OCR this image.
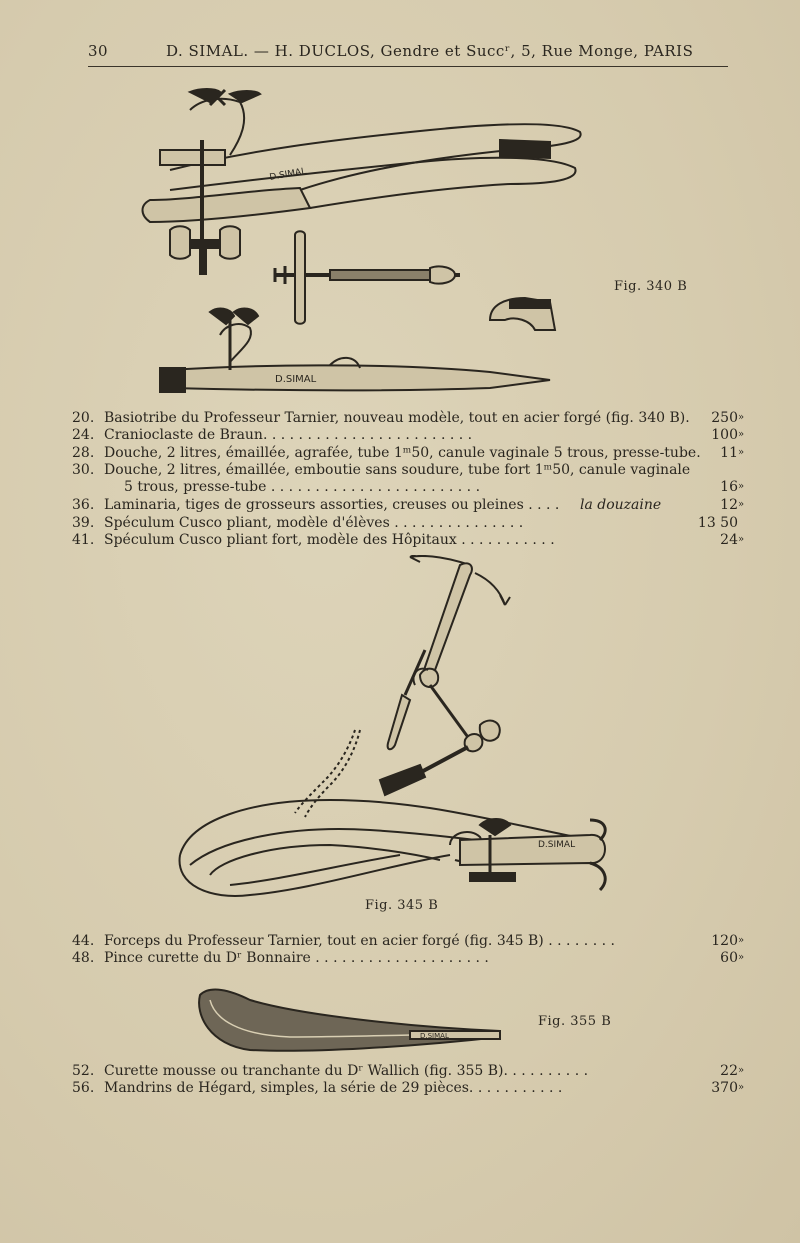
30	D. SIMAL. — H. DUCLOS, Gendre et Succʳ, 5, Rue Monge, PARIS
D.SIMAL
D.SIMAL
Fig. 340 B
20. Basiotribe du Professeur Tarnier, nouveau modèle, tout en acier forgé (fig. 340 B).	250 »
24. Cranioclaste de Braun. . . . . . . . . . . . . . . . . . . . . . . .	100 »
28. Douche, 2 litres, émaillée, agrafée, tube 1ᵐ50, canule vaginale 5 trous, presse-tube.	11 »
30. Douche, 2 litres, émaillée, emboutie sans soudure, tube fort 1ᵐ50, canule vaginale
5 trous, presse-tube . . . . . . . . . . . . . . . . . . . . . . . .	16 »
36. Laminaria, tiges de grosseurs assorties, creuses ou pleines . . . . la douzaine	12 »
39. Spéculum Cusco pliant, modèle d'élèves . . . . . . . . . . . . . . .	13 50
41. Spéculum Cusco pliant fort, modèle des Hôpitaux . . . . . . . . . . .	24 »
D.SIMAL
Fig. 345 B
44. Forceps du Professeur Tarnier, tout en acier forgé (fig. 345 B) . . . . . . . .	120 »
48. Pince curette du Dʳ Bonnaire . . . . . . . . . . . . . . . . . . . .	60 »
D.SIMAL
Fig. 355 B
52. Curette mousse ou tranchante du Dʳ Wallich (fig. 355 B). . . . . . . . . .	22 »
56. Mandrins de Hégard, simples, la série de 29 pièces. . . . . . . . . . .	370 »
